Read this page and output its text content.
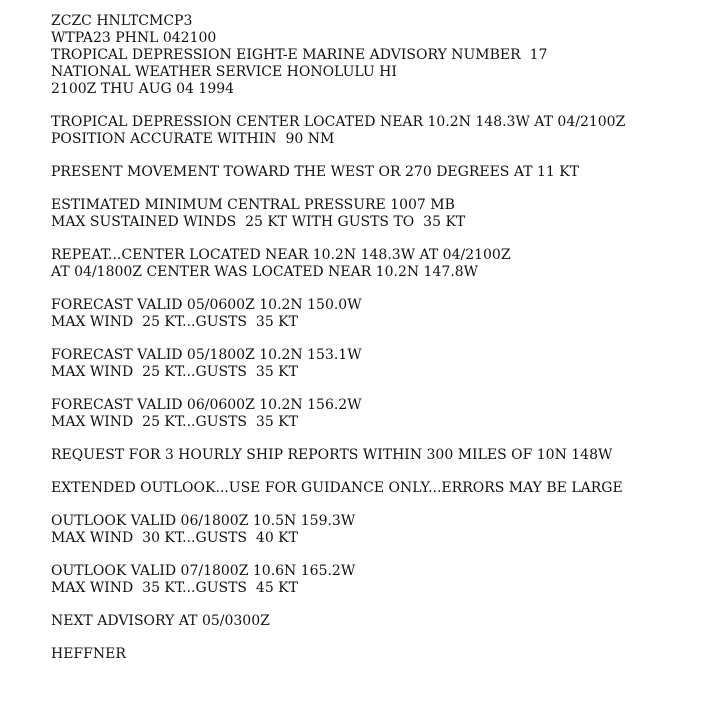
ZCZC HNLTCMCP3
WTPA23 PHNL 042100
TROPICAL DEPRESSION EIGHT-E MARINE ADVISORY NUMBER  17
NATIONAL WEATHER SERVICE HONOLULU HI
2100Z THU AUG 04 1994
TROPICAL DEPRESSION CENTER LOCATED NEAR 10.2N 148.3W AT 04/2100Z
POSITION ACCURATE WITHIN  90 NM
PRESENT MOVEMENT TOWARD THE WEST OR 270 DEGREES AT 11 KT
ESTIMATED MINIMUM CENTRAL PRESSURE 1007 MB
MAX SUSTAINED WINDS  25 KT WITH GUSTS TO  35 KT
REPEAT...CENTER LOCATED NEAR 10.2N 148.3W AT 04/2100Z
AT 04/1800Z CENTER WAS LOCATED NEAR 10.2N 147.8W
FORECAST VALID 05/0600Z 10.2N 150.0W
MAX WIND  25 KT...GUSTS  35 KT
FORECAST VALID 05/1800Z 10.2N 153.1W
MAX WIND  25 KT...GUSTS  35 KT
FORECAST VALID 06/0600Z 10.2N 156.2W
MAX WIND  25 KT...GUSTS  35 KT
REQUEST FOR 3 HOURLY SHIP REPORTS WITHIN 300 MILES OF 10N 148W
EXTENDED OUTLOOK...USE FOR GUIDANCE ONLY...ERRORS MAY BE LARGE
OUTLOOK VALID 06/1800Z 10.5N 159.3W
MAX WIND  30 KT...GUSTS  40 KT
OUTLOOK VALID 07/1800Z 10.6N 165.2W
MAX WIND  35 KT...GUSTS  45 KT
NEXT ADVISORY AT 05/0300Z
HEFFNER
